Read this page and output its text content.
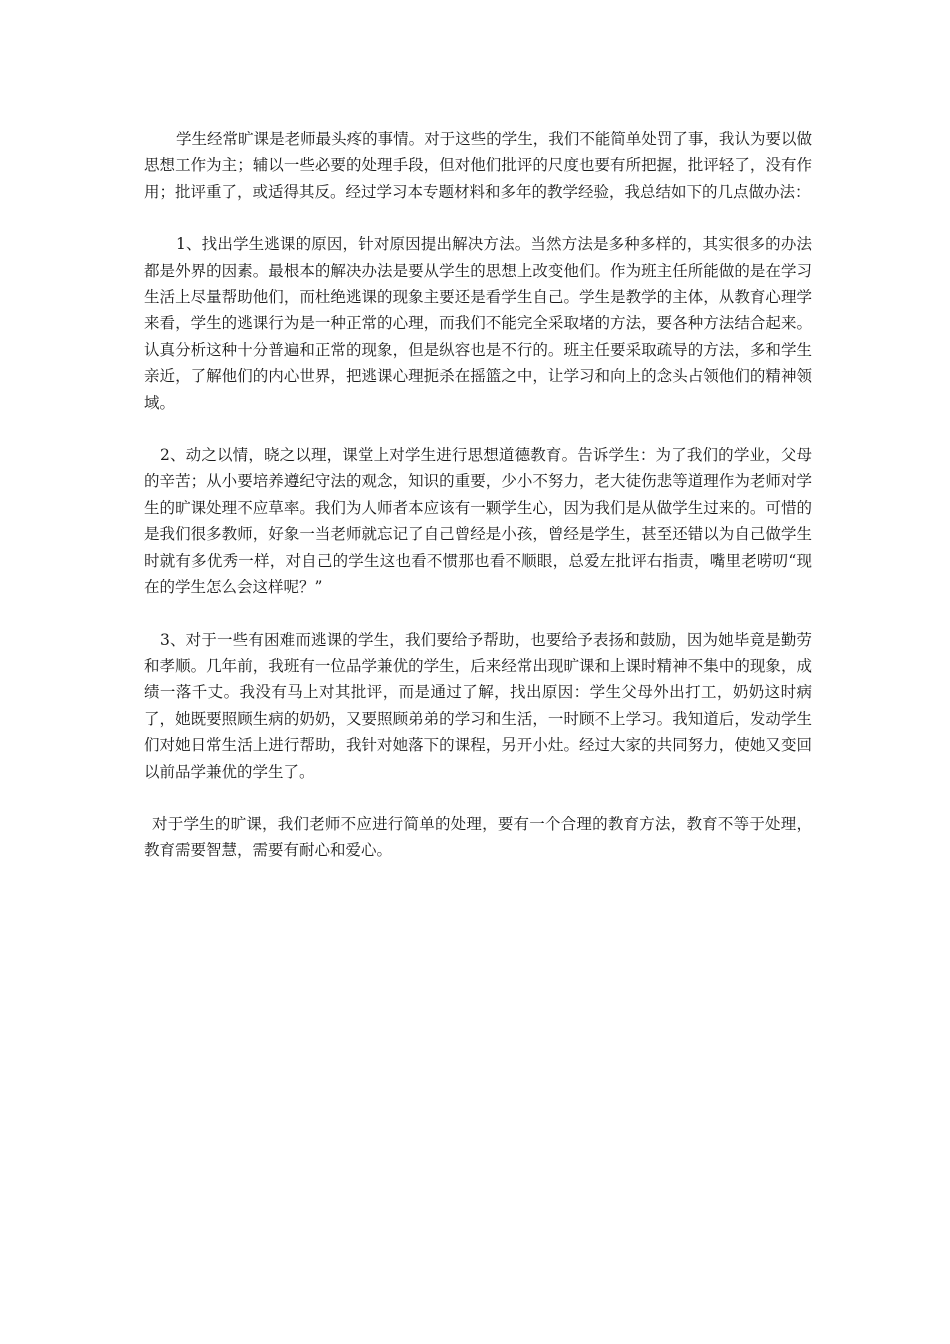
学生经常旷课是老师最头疼的事情。对于这些的学生，我们不能简单处罚了事，我认为要以做思想工作为主；辅以一些必要的处理手段，但对他们批评的尺度也要有所把握，批评轻了，没有作用；批评重了，或适得其反。经过学习本专题材料和多年的教学经验，我总结如下的几点做办法：

1、找出学生逃课的原因，针对原因提出解决方法。当然方法是多种多样的，其实很多的办法都是外界的因素。最根本的解决办法是要从学生的思想上改变他们。作为班主任所能做的是在学习生活上尽量帮助他们，而杜绝逃课的现象主要还是看学生自己。学生是教学的主体，从教育心理学来看，学生的逃课行为是一种正常的心理，而我们不能完全采取堵的方法，要各种方法结合起来。认真分析这种十分普遍和正常的现象，但是纵容也是不行的。班主任要采取疏导的方法，多和学生亲近，了解他们的内心世界，把逃课心理扼杀在摇篮之中，让学习和向上的念头占领他们的精神领域。

2、动之以情，晓之以理，课堂上对学生进行思想道德教育。告诉学生：为了我们的学业，父母的辛苦；从小要培养遵纪守法的观念，知识的重要，少小不努力，老大徒伤悲等道理作为老师对学生的旷课处理不应草率。我们为人师者本应该有一颗学生心，因为我们是从做学生过来的。可惜的是我们很多教师，好象一当老师就忘记了自己曾经是小孩，曾经是学生，甚至还错以为自己做学生时就有多优秀一样，对自己的学生这也看不惯那也看不顺眼，总爱左批评右指责，嘴里老唠叨“现在的学生怎么会这样呢？”

3、对于一些有困难而逃课的学生，我们要给予帮助，也要给予表扬和鼓励，因为她毕竟是勤劳和孝顺。几年前，我班有一位品学兼优的学生，后来经常出现旷课和上课时精神不集中的现象，成绩一落千丈。我没有马上对其批评，而是通过了解，找出原因：学生父母外出打工，奶奶这时病了，她既要照顾生病的奶奶，又要照顾弟弟的学习和生活，一时顾不上学习。我知道后，发动学生们对她日常生活上进行帮助，我针对她落下的课程，另开小灶。经过大家的共同努力，使她又变回以前品学兼优的学生了。

对于学生的旷课，我们老师不应进行简单的处理，要有一个合理的教育方法，教育不等于处理，教育需要智慧，需要有耐心和爱心。
